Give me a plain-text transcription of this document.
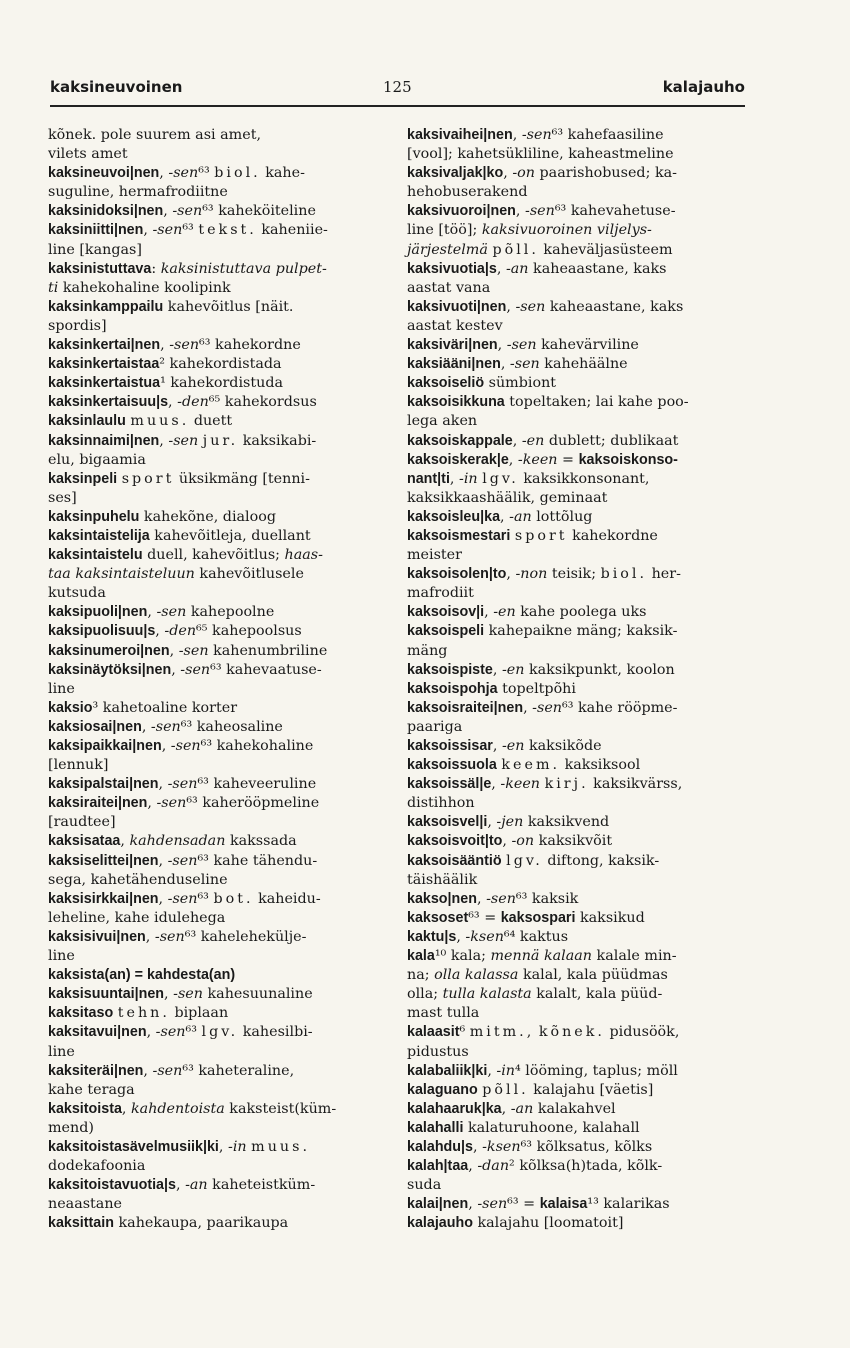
kaksineuvoinen	125	kalajauho
kõnek. pole suurem asi amet,
vilets amet
kaksineuvoi|nen, -sen⁶³ biol. kahe-
suguline, hermafrodiitne
kaksinidoksi|nen, -sen⁶³ kaheköiteline
kaksiniitti|nen, -sen⁶³ tekst. kaheniie-
line [kangas]
kaksinistuttava: kaksinistuttava pulpet-
ti kahekohaline koolipink
kaksinkamppailu kahevõitlus [näit.
spordis]
kaksinkertai|nen, -sen⁶³ kahekordne
kaksinkertaistaa² kahekordistada
kaksinkertaistua¹ kahekordistuda
kaksinkertaisuu|s, -den⁶⁵ kahekordsus
kaksinlaulu muus. duett
kaksinnaimi|nen, -sen jur. kaksikabi-
elu, bigaamia
kaksinpeli sport üksikmäng [tenni-
ses]
kaksinpuhelu kahekõne, dialoog
kaksintaistelija kahevõitleja, duellant
kaksintaistelu duell, kahevõitlus; haas-
taa kaksintaisteluun kahevõitlusele
kutsuda
kaksipuoli|nen, -sen kahepoolne
kaksipuolisuu|s, -den⁶⁵ kahepoolsus
kaksinumeroi|nen, -sen kahenumbriline
kaksinäytöksi|nen, -sen⁶³ kahevaatuse-
line
kaksio³ kahetoaline korter
kaksiosai|nen, -sen⁶³ kaheosaline
kaksipaikkai|nen, -sen⁶³ kahekohaline
[lennuk]
kaksipalstai|nen, -sen⁶³ kaheveeruline
kaksiraitei|nen, -sen⁶³ kaherööpmeline
[raudtee]
kaksisataa, kahdensadan kakssada
kaksiselittei|nen, -sen⁶³ kahe tähendu-
sega, kahetähenduseline
kaksisirkkai|nen, -sen⁶³ bot. kaheidu-
leheline, kahe idulehega
kaksisivui|nen, -sen⁶³ kaheleheküljе-
line
kaksista(an) = kahdesta(an)
kaksisuuntai|nen, -sen kahesuunaline
kaksitaso tehn. biplaan
kaksitavui|nen, -sen⁶³ lgv. kahesilbi-
line
kaksiteräi|nen, -sen⁶³ kaheteraline,
kahe teraga
kaksitoista, kahdentoista kaksteist(küm-
mend)
kaksitoistasävelmusiik|ki, -in muus.
dodekafoonia
kaksitoistavuotia|s, -an kaheteistküm-
neaastane
kaksittain kahekaupa, paarikaupa
kaksivaihei|nen, -sen⁶³ kahefaasiline
[vool]; kahetsükliline, kaheastmeline
kaksivaljak|ko, -on paarishobused; ka-
hehobuserakend
kaksivuoroi|nen, -sen⁶³ kahevahetuse-
line [töö]; kaksivuoroinen viljelys-
järjestelmä põll. kaheväljasüsteem
kaksivuotia|s, -an kaheaastane, kaks
aastat vana
kaksivuoti|nen, -sen kaheaastane, kaks
aastat kestev
kaksiväri|nen, -sen kahevärviline
kaksiääni|nen, -sen kahehäälne
kaksoiseliö sümbiont
kaksoisikkuna topeltaken; lai kahe poo-
lega aken
kaksoiskappale, -en dublett; dublikaat
kaksoiskerak|e, -keen = kaksoiskonso-
nant|ti, -in lgv. kaksikkonsonant,
kaksikkaashäälik, geminaat
kaksoisleu|ka, -an lottõlug
kaksoismestari sport kahekordne
meister
kaksoisolen|to, -non teisik; biol. her-
mafrodiit
kaksoisov|i, -en kahe poolega uks
kaksoispeli kahepaikne mäng; kaksik-
mäng
kaksoispiste, -en kaksikpunkt, koolon
kaksoispohja topeltpõhi
kaksoisraitei|nen, -sen⁶³ kahe rööpme-
paariga
kaksoissisar, -en kaksikõde
kaksoissuola keem. kaksiksool
kaksoissäl|e, -keen kirj. kaksikvärss,
distihhon
kaksoisvel|i, -jen kaksikvend
kaksoisvoit|to, -on kaksikvõit
kaksoisääntiö lgv. diftong, kaksik-
täishäälik
kakso|nen, -sen⁶³ kaksik
kaksoset⁶³ = kaksospari kaksikud
kaktu|s, -ksen⁶⁴ kaktus
kala¹⁰ kala; mennä kalaan kalale min-
na; olla kalassa kalal, kala püüdmas
olla; tulla kalasta kalalt, kala püüd-
mast tulla
kalaasit⁶ mitm., kõnek. pidusöök,
pidustus
kalabaliik|ki, -in⁴ lööming, taplus; möll
kalaguano põll. kalajahu [väetis]
kalahaaruk|ka, -an kalakahvel
kalahalli kalaturuhoone, kalahall
kalahdu|s, -ksen⁶³ kõlksatus, kõlks
kalah|taa, -dan² kõlksa(h)tada, kõlk-
suda
kalai|nen, -sen⁶³ = kalaisa¹³ kalarikas
kalajauho kalajahu [loomatoit]
